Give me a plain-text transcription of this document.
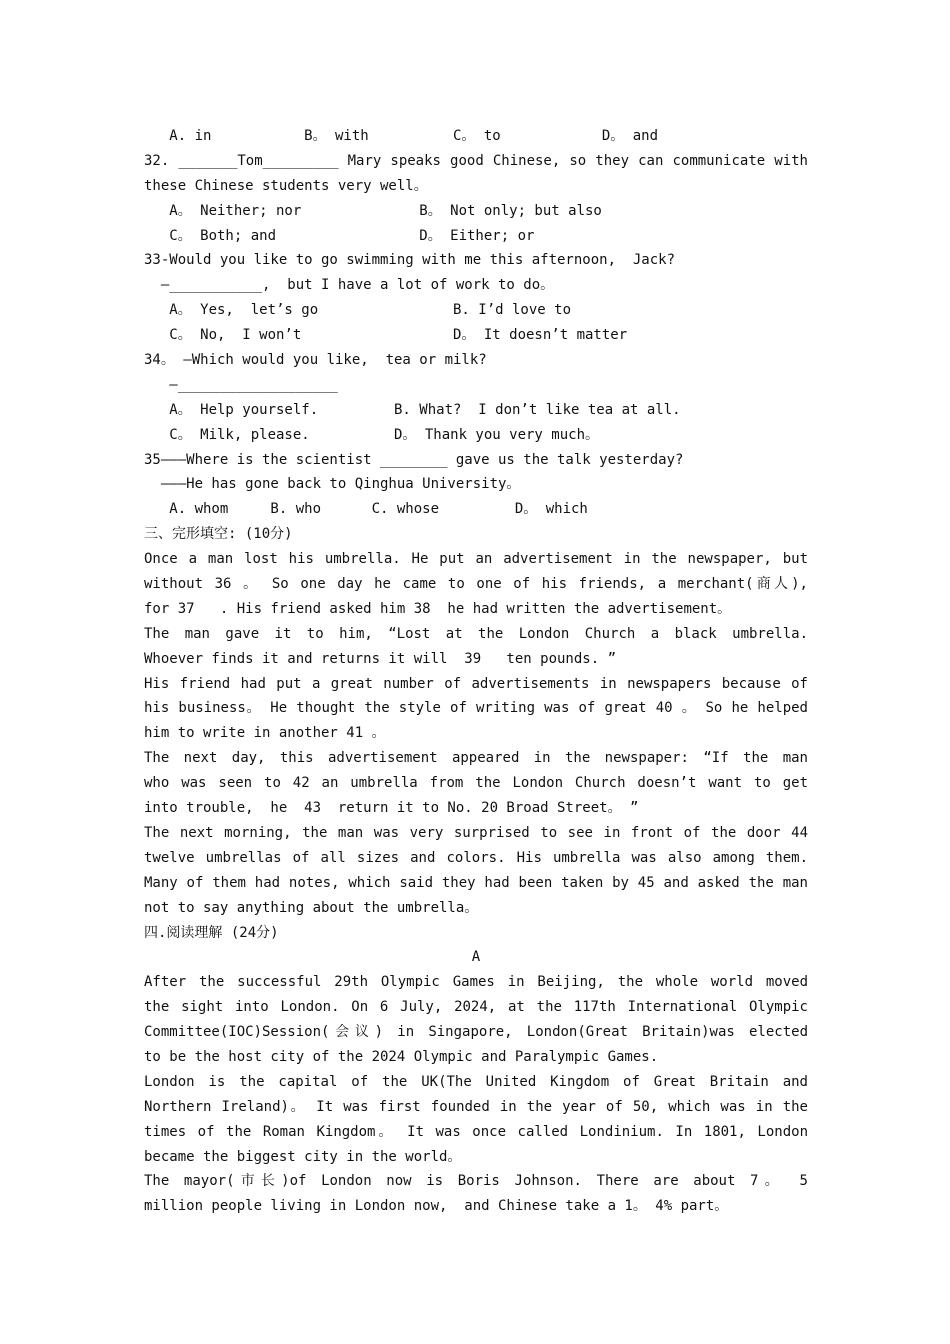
A. in           B。 with          C。 to            D。 and
32. _______Tom_________ Mary speaks good Chinese, so they can communicate with
these Chinese students very well。
A。 Neither; nor              B。 Not only; but also
C。 Both; and                 D。 Either; or
33-Would you like to go swimming with me this afternoon,  Jack?
—___________,  but I have a lot of work to do。
A。 Yes,  let’s go                B. I’d love to
C。 No,  I won’t                  D。 It doesn’t matter
34。 —Which would you like,  tea or milk?
—___________________
A。 Help yourself.         B. What?  I don’t like tea at all.
C。 Milk, please.          D。 Thank you very much。
35———Where is the scientist ________ gave us the talk yesterday?
———He has gone back to Qinghua University。
A. whom     B. who      C. whose         D。 which
三、完形填空: (10分)
Once a man lost his umbrella. He put an advertisement in the newspaper, but
without 36 。 So one day he came to one of his friends, a merchant(商人),
for 37   . His friend asked him 38  he had written the advertisement。
The man gave it to him, “Lost at the London Church a black umbrella.
Whoever finds it and returns it will  39   ten pounds. ”
His friend had put a great number of advertisements in newspapers because of
his business。 He thought the style of writing was of great 40 。 So he helped
him to write in another 41 。
The next day, this advertisement appeared in the newspaper: “If the man
who was seen to 42 an umbrella from the London Church doesn’t want to get
into trouble,  he  43  return it to No. 20 Broad Street。 ”
The next morning, the man was very surprised to see in front of the door 44
twelve umbrellas of all sizes and colors. His umbrella was also among them.
Many of them had notes, which said they had been taken by 45 and asked the man
not to say anything about the umbrella。
四.阅读理解 (24分)
A
After the successful 29th Olympic Games in Beijing, the whole world moved
the sight into London. On 6 July, 2024, at the 117th International Olympic
Committee(IOC)Session(会议) in Singapore, London(Great Britain)was elected
to be the host city of the 2024 Olympic and Paralympic Games.
London is the capital of the UK(The United Kingdom of Great Britain and
Northern Ireland)。 It was first founded in the year of 50, which was in the
times of the Roman Kingdom。 It was once called Londinium. In 1801, London
became the biggest city in the world。
The mayor(市长)of London now is Boris Johnson. There are about 7。 5
million people living in London now,  and Chinese take a 1。 4% part。
